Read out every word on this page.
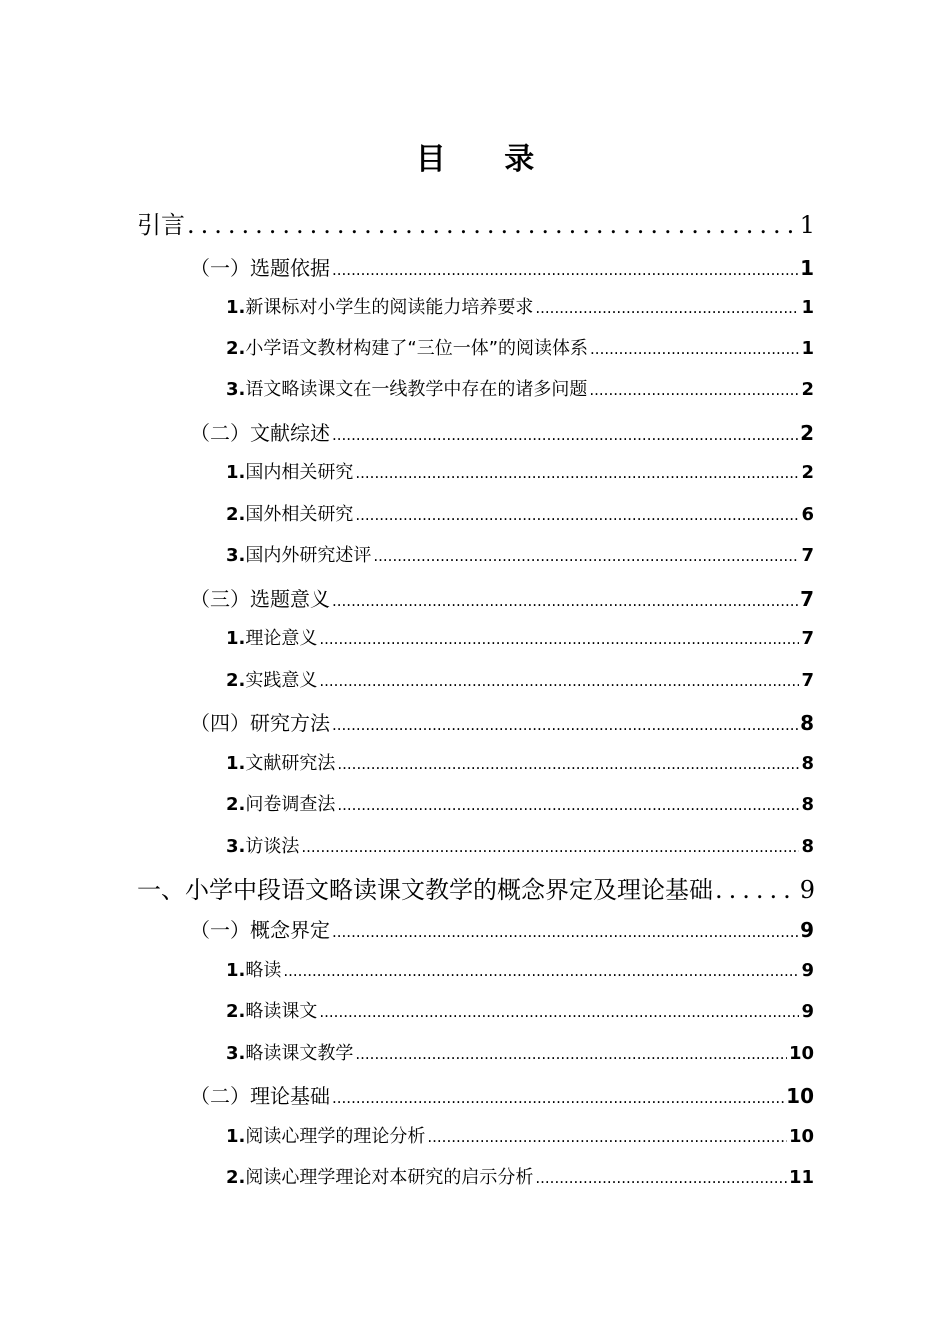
目 录
引言 .....	1
（一）选题依据 .....	1
1.新课标对小学生的阅读能力培养要求 .....	1
2.小学语文教材构建了“三位一体”的阅读体系 .....	1
3.语文略读课文在一线教学中存在的诸多问题 .....	2
（二）文献综述 .....	2
1.国内相关研究 .....	2
2.国外相关研究 .....	6
3.国内外研究述评 .....	7
（三）选题意义 .....	7
1.理论意义 .....	7
2.实践意义 .....	7
（四）研究方法 .....	8
1.文献研究法 .....	8
2.问卷调查法 .....	8
3.访谈法 .....	8
一、小学中段语文略读课文教学的概念界定及理论基础 .....	9
（一）概念界定 .....	9
1.略读 .....	9
2.略读课文 .....	9
3.略读课文教学 .....	10
（二）理论基础 .....	10
1.阅读心理学的理论分析 .....	10
2.阅读心理学理论对本研究的启示分析 .....	11
